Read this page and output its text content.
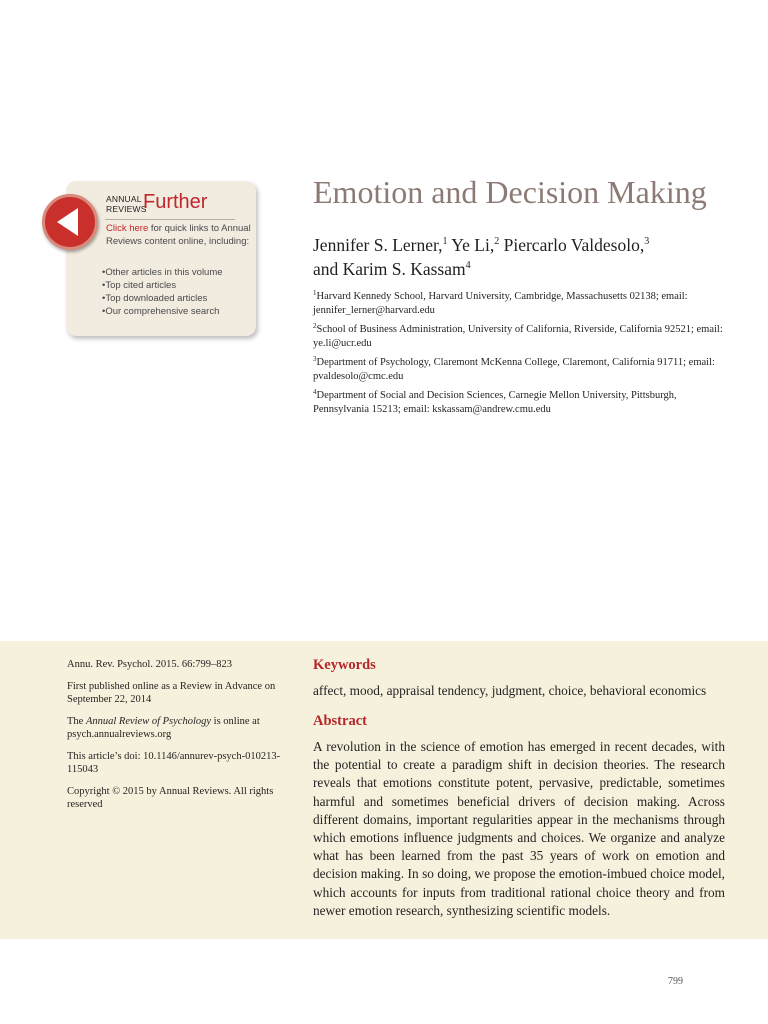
ANNUAL
REVIEWS
Further
Click here for quick links to Annual Reviews content online, including:
• Other articles in this volume
• Top cited articles
• Top downloaded articles
• Our comprehensive search
Emotion and Decision Making
Jennifer S. Lerner,$^1$ Ye Li,$^2$ Piercarlo Valdesolo,$^3$
and Karim S. Kassam$^4$
$^1$Harvard Kennedy School, Harvard University, Cambridge, Massachusetts 02138; email: jennifer_lerner@harvard.edu
$^2$School of Business Administration, University of California, Riverside, California 92521; email: ye.li@ucr.edu
$^3$Department of Psychology, Claremont McKenna College, Claremont, California 91711; email: pvaldesolo@cmc.edu
$^4$Department of Social and Decision Sciences, Carnegie Mellon University, Pittsburgh, Pennsylvania 15213; email: kskassam@andrew.cmu.edu

Annu. Rev. Psychol. 2015. 66:799–823

First published online as a Review in Advance on September 22, 2014

The Annual Review of Psychology is online at psych.annualreviews.org

This article’s doi: 10.1146/annurev-psych-010213-115043

Copyright © 2015 by Annual Reviews. All rights reserved

Keywords
affect, mood, appraisal tendency, judgment, choice, behavioral economics
Abstract
A revolution in the science of emotion has emerged in recent decades, with the potential to create a paradigm shift in decision theories. The research reveals that emotions constitute potent, pervasive, predictable, sometimes harmful and sometimes beneficial drivers of decision making. Across different domains, important regularities appear in the mechanisms through which emotions influence judgments and choices. We organize and analyze what has been learned from the past 35 years of work on emotion and decision making. In so doing, we propose the emotion-imbued choice model, which accounts for inputs from traditional rational choice theory and from newer emotion research, synthesizing scientific models.
799
